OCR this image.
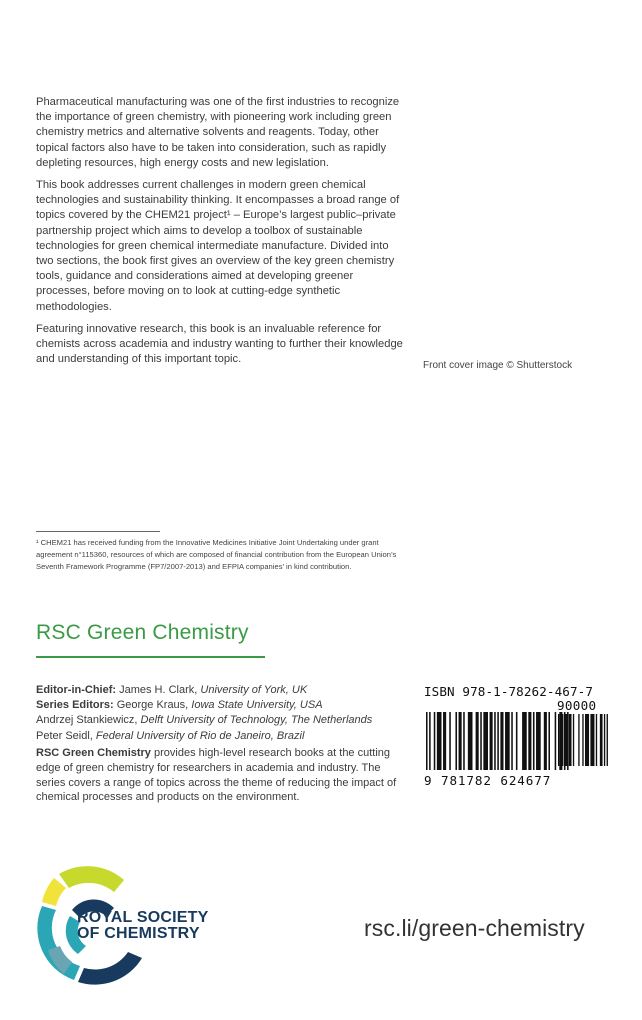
Pharmaceutical manufacturing was one of the first industries to recognize the importance of green chemistry, with pioneering work including green chemistry metrics and alternative solvents and reagents. Today, other topical factors also have to be taken into consideration, such as rapidly depleting resources, high energy costs and new legislation.

This book addresses current challenges in modern green chemical technologies and sustainability thinking. It encompasses a broad range of topics covered by the CHEM21 project¹ – Europe’s largest public–private partnership project which aims to develop a toolbox of sustainable technologies for green chemical intermediate manufacture. Divided into two sections, the book first gives an overview of the key green chemistry tools, guidance and considerations aimed at developing greener processes, before moving on to look at cutting-edge synthetic methodologies.

Featuring innovative research, this book is an invaluable reference for chemists across academia and industry wanting to further their knowledge and understanding of this important topic.

Front cover image © Shutterstock
¹ CHEM21 has received funding from the Innovative Medicines Initiative Joint Undertaking under grant agreement n°115360, resources of which are composed of financial contribution from the European Union’s Seventh Framework Programme (FP7/2007-2013) and EFPIA companies’ in kind contribution.
RSC Green Chemistry
Editor-in-Chief: James H. Clark, University of York, UK
Series Editors: George Kraus, Iowa State University, USA
Andrzej Stankiewicz, Delft University of Technology, The Netherlands
Peter Seidl, Federal University of Rio de Janeiro, Brazil
RSC Green Chemistry provides high-level research books at the cutting edge of green chemistry for researchers in academia and industry. The series covers a range of topics across the theme of reducing the impact of chemical processes and products on the environment.
ISBN 978-1-78262-467-7
90000
9 781782 624677
ROYAL SOCIETY
OF CHEMISTRY	rsc.li/green-chemistry
